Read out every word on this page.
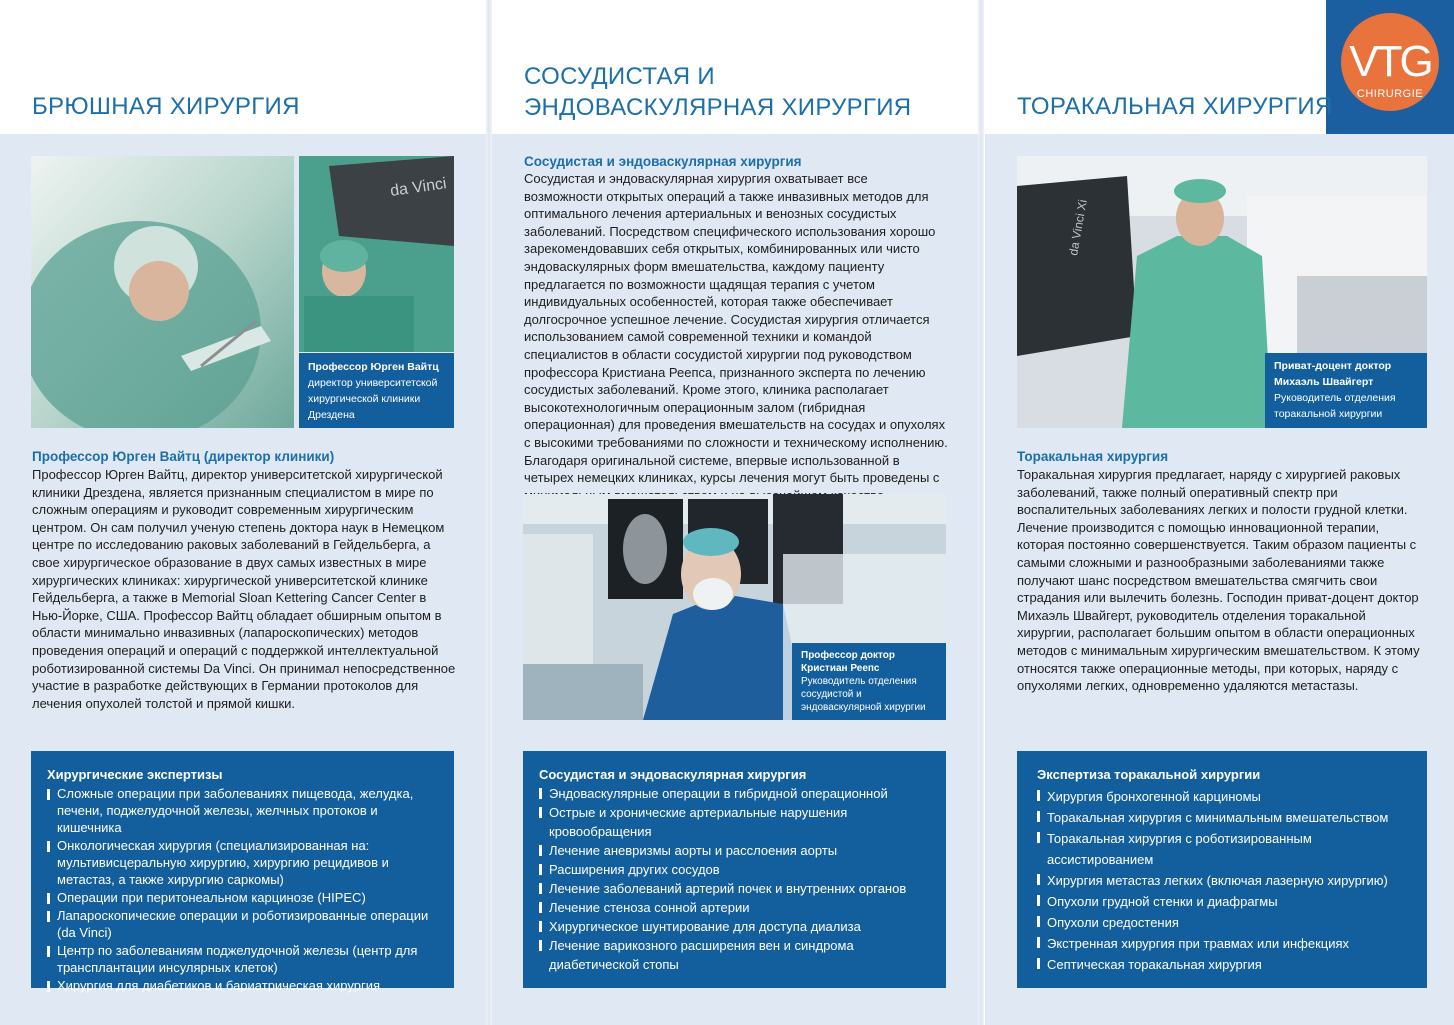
VTG
CHIRURGIE
БРЮШНАЯ ХИРУРГИЯ
da Vinci
Профессор Юрген Вайтц
директор университетской хирургической клиники Дрездена
Профессор Юрген Вайтц (директор клиники)

Профессор Юрген Вайтц, директор университетской хирургической клиники Дрездена, является признанным специалистом в мире по сложным операциям и руководит современным хирургическим центром. Он сам получил ученую степень доктора наук в Немецком центре по исследованию раковых заболеваний в Гейдельберга, а свое хирургическое образование в двух самых известных в мире хирургических клиниках: хирургической университетской клинике Гейдельберга, а также в Memorial Sloan Kettering Cancer Center в Нью-Йорке, США. Профессор Вайтц обладает обширным опытом в области минимально инвазивных (лапароскопических) методов проведения операций и операций с поддержкой интеллектуальной роботизированной системы Da Vinci. Он принимал непосредственное участие в разработке действующих в Германии протоколов для лечения опухолей толстой и прямой кишки.

Хирургические экспертизы
Сложные операции при заболеваниях пищевода, желудка, печени, поджелудочной железы, желчных протоков и кишечника
Онкологическая хирургия (специализированная на: мультивисцеральную хирургию, хирургию рецидивов и метастаз, а также хирургию саркомы)
Операции при перитонеальном карцинозе (HIPEC)
Лапароскопические операции и роботизированные операции (da Vinci)
Центр по заболеваниям поджелудочной железы (центр для трансплантации инсулярных клеток)
Хирургия для диабетиков и бариатрическая хирургия
СОСУДИСТАЯ И
ЭНДОВАСКУЛЯРНАЯ ХИРУРГИЯ
Сосудистая и эндоваскулярная хирургия

Сосудистая и эндоваскулярная хирургия охватывает все возможности открытых операций а также инвазивных методов для оптимального лечения артериальных и венозных сосудистых заболеваний. Посредством специфического использования хорошо зарекомендовавших себя открытых, комбинированных или чисто эндоваскулярных форм вмешательства, каждому пациенту предлагается по возможности щадящая терапия с учетом индивидуальных особенностей, которая также обеспечивает долгосрочное успешное лечение. Сосудистая хирургия отличается использованием самой современной техники и командой специалистов в области сосудистой хирургии под руководством профессора Кристиана Реепса, признанного эксперта по лечению сосудистых заболеваний. Кроме этого, клиника располагает высокотехнологичным операционным залом (гибридная операционная) для проведения вмешательств на сосудах и опухолях с высокими требованиями по сложности и техническому исполнению. Благодаря оригинальной системе, впервые использованной в четырех немецких клиниках, курсы лечения могут быть проведены с

Профессор доктор Кристиан Реепс
Руководитель отделения сосудистой и эндоваскулярной хирургии
Сосудистая и эндоваскулярная хирургия
Эндоваскулярные операции в гибридной операционной
Острые и хронические артериальные нарушения кровообращения
Лечение аневризмы аорты и расслоения аорты
Расширения других сосудов
Лечение заболеваний артерий почек и внутренних органов
Лечение стеноза сонной артерии
Хирургическое шунтирование для доступа диализа
Лечение варикозного расширения вен и синдрома диабетической стопы
ТОРАКАЛЬНАЯ ХИРУРГИЯ
da Vinci Xi
Приват-доцент доктор Михаэль Швайгерт
Руководитель отделения торакальной хирургии
Торакальная хирургия

Торакальная хирургия предлагает, наряду с хирургией раковых заболеваний, также полный оперативный спектр при воспалительных заболеваниях легких и полости грудной клетки. Лечение производится с помощью инновационной терапии, которая постоянно совершенствуется. Таким образом пациенты с самыми сложными и разнообразными заболеваниями также получают шанс посредством вмешательства смягчить свои страдания или вылечить болезнь. Господин приват-доцент доктор Михаэль Швайгерт, руководитель отделения торакальной хирургии, располагает большим опытом в области операционных методов с минимальным хирургическим вмешательством. К этому относятся также операционные методы, при которых, наряду с опухолями легких, одновременно удаляются метастазы.

Экспертиза торакальной хирургии
Хирургия бронхогенной карциномы
Торакальная хирургия с минимальным вмешательством
Торакальная хирургия с роботизированным ассистированием
Хирургия метастаз легких (включая лазерную хирургию)
Опухоли грудной стенки и диафрагмы
Опухоли средостения
Экстренная хирургия при травмах или инфекциях
Септическая торакальная хирургия
